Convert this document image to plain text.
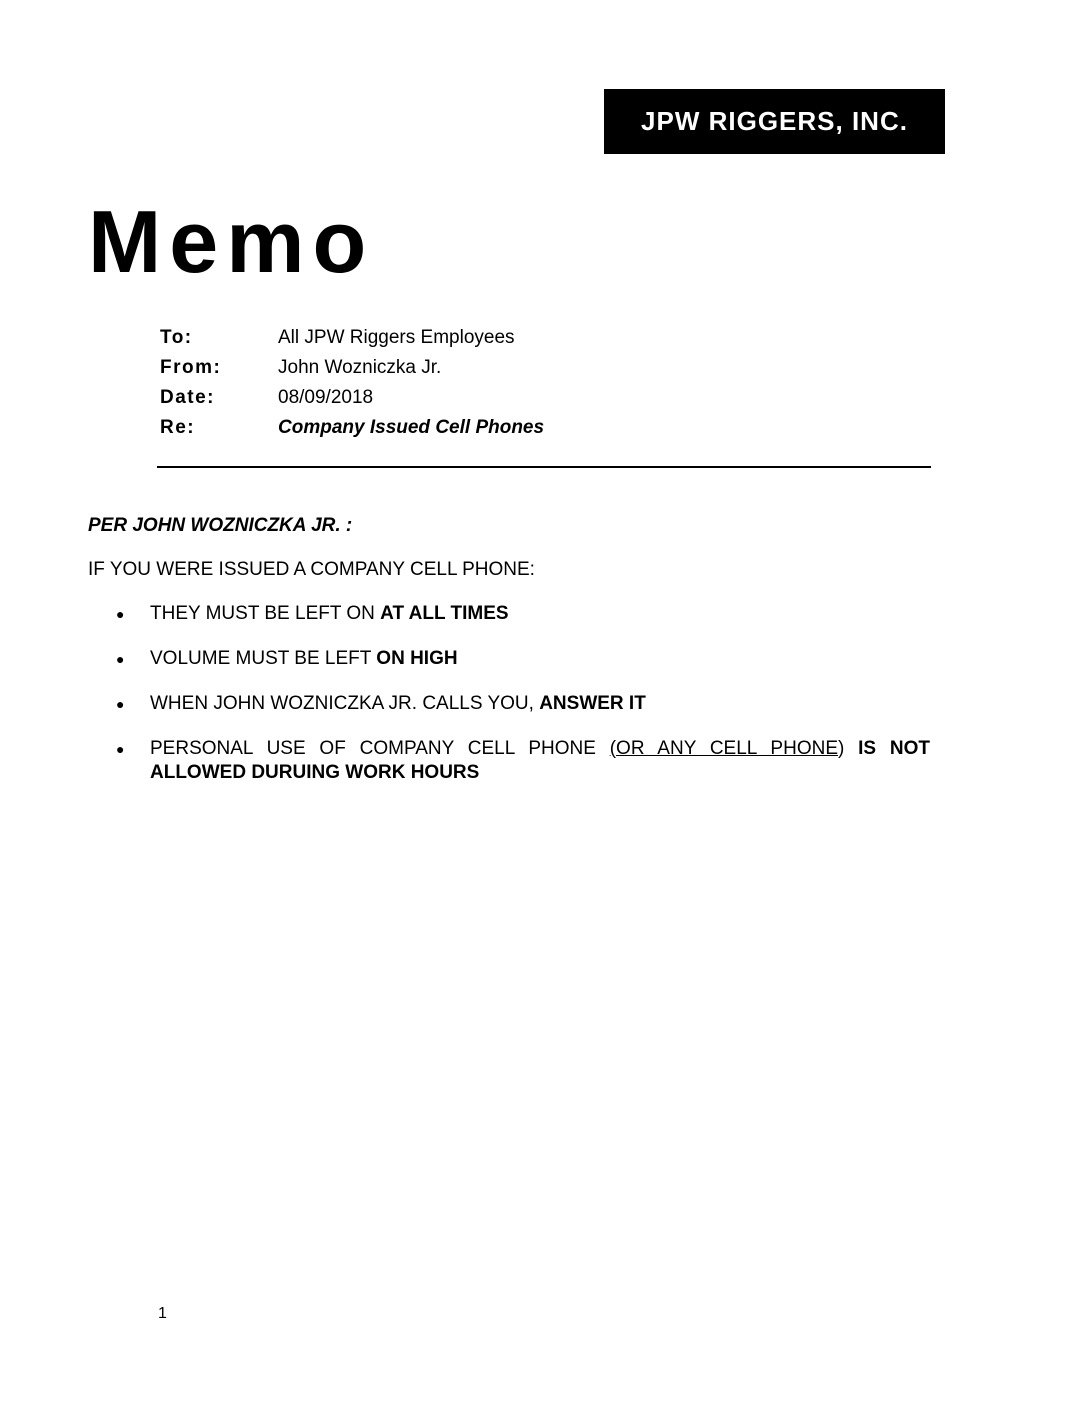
JPW RIGGERS, INC.
Memo
To:	All JPW Riggers Employees
From:	John Wozniczka Jr.
Date:	08/09/2018
Re:	Company Issued Cell Phones

PER JOHN WOZNICZKA JR. :

IF YOU WERE ISSUED A COMPANY CELL PHONE:

● THEY MUST BE LEFT ON AT ALL TIMES
● VOLUME MUST BE LEFT ON HIGH
● WHEN JOHN WOZNICZKA JR. CALLS YOU, ANSWER IT
● PERSONAL USE OF COMPANY CELL PHONE (OR ANY CELL PHONE) IS NOT ALLOWED DURUING WORK HOURS
1
